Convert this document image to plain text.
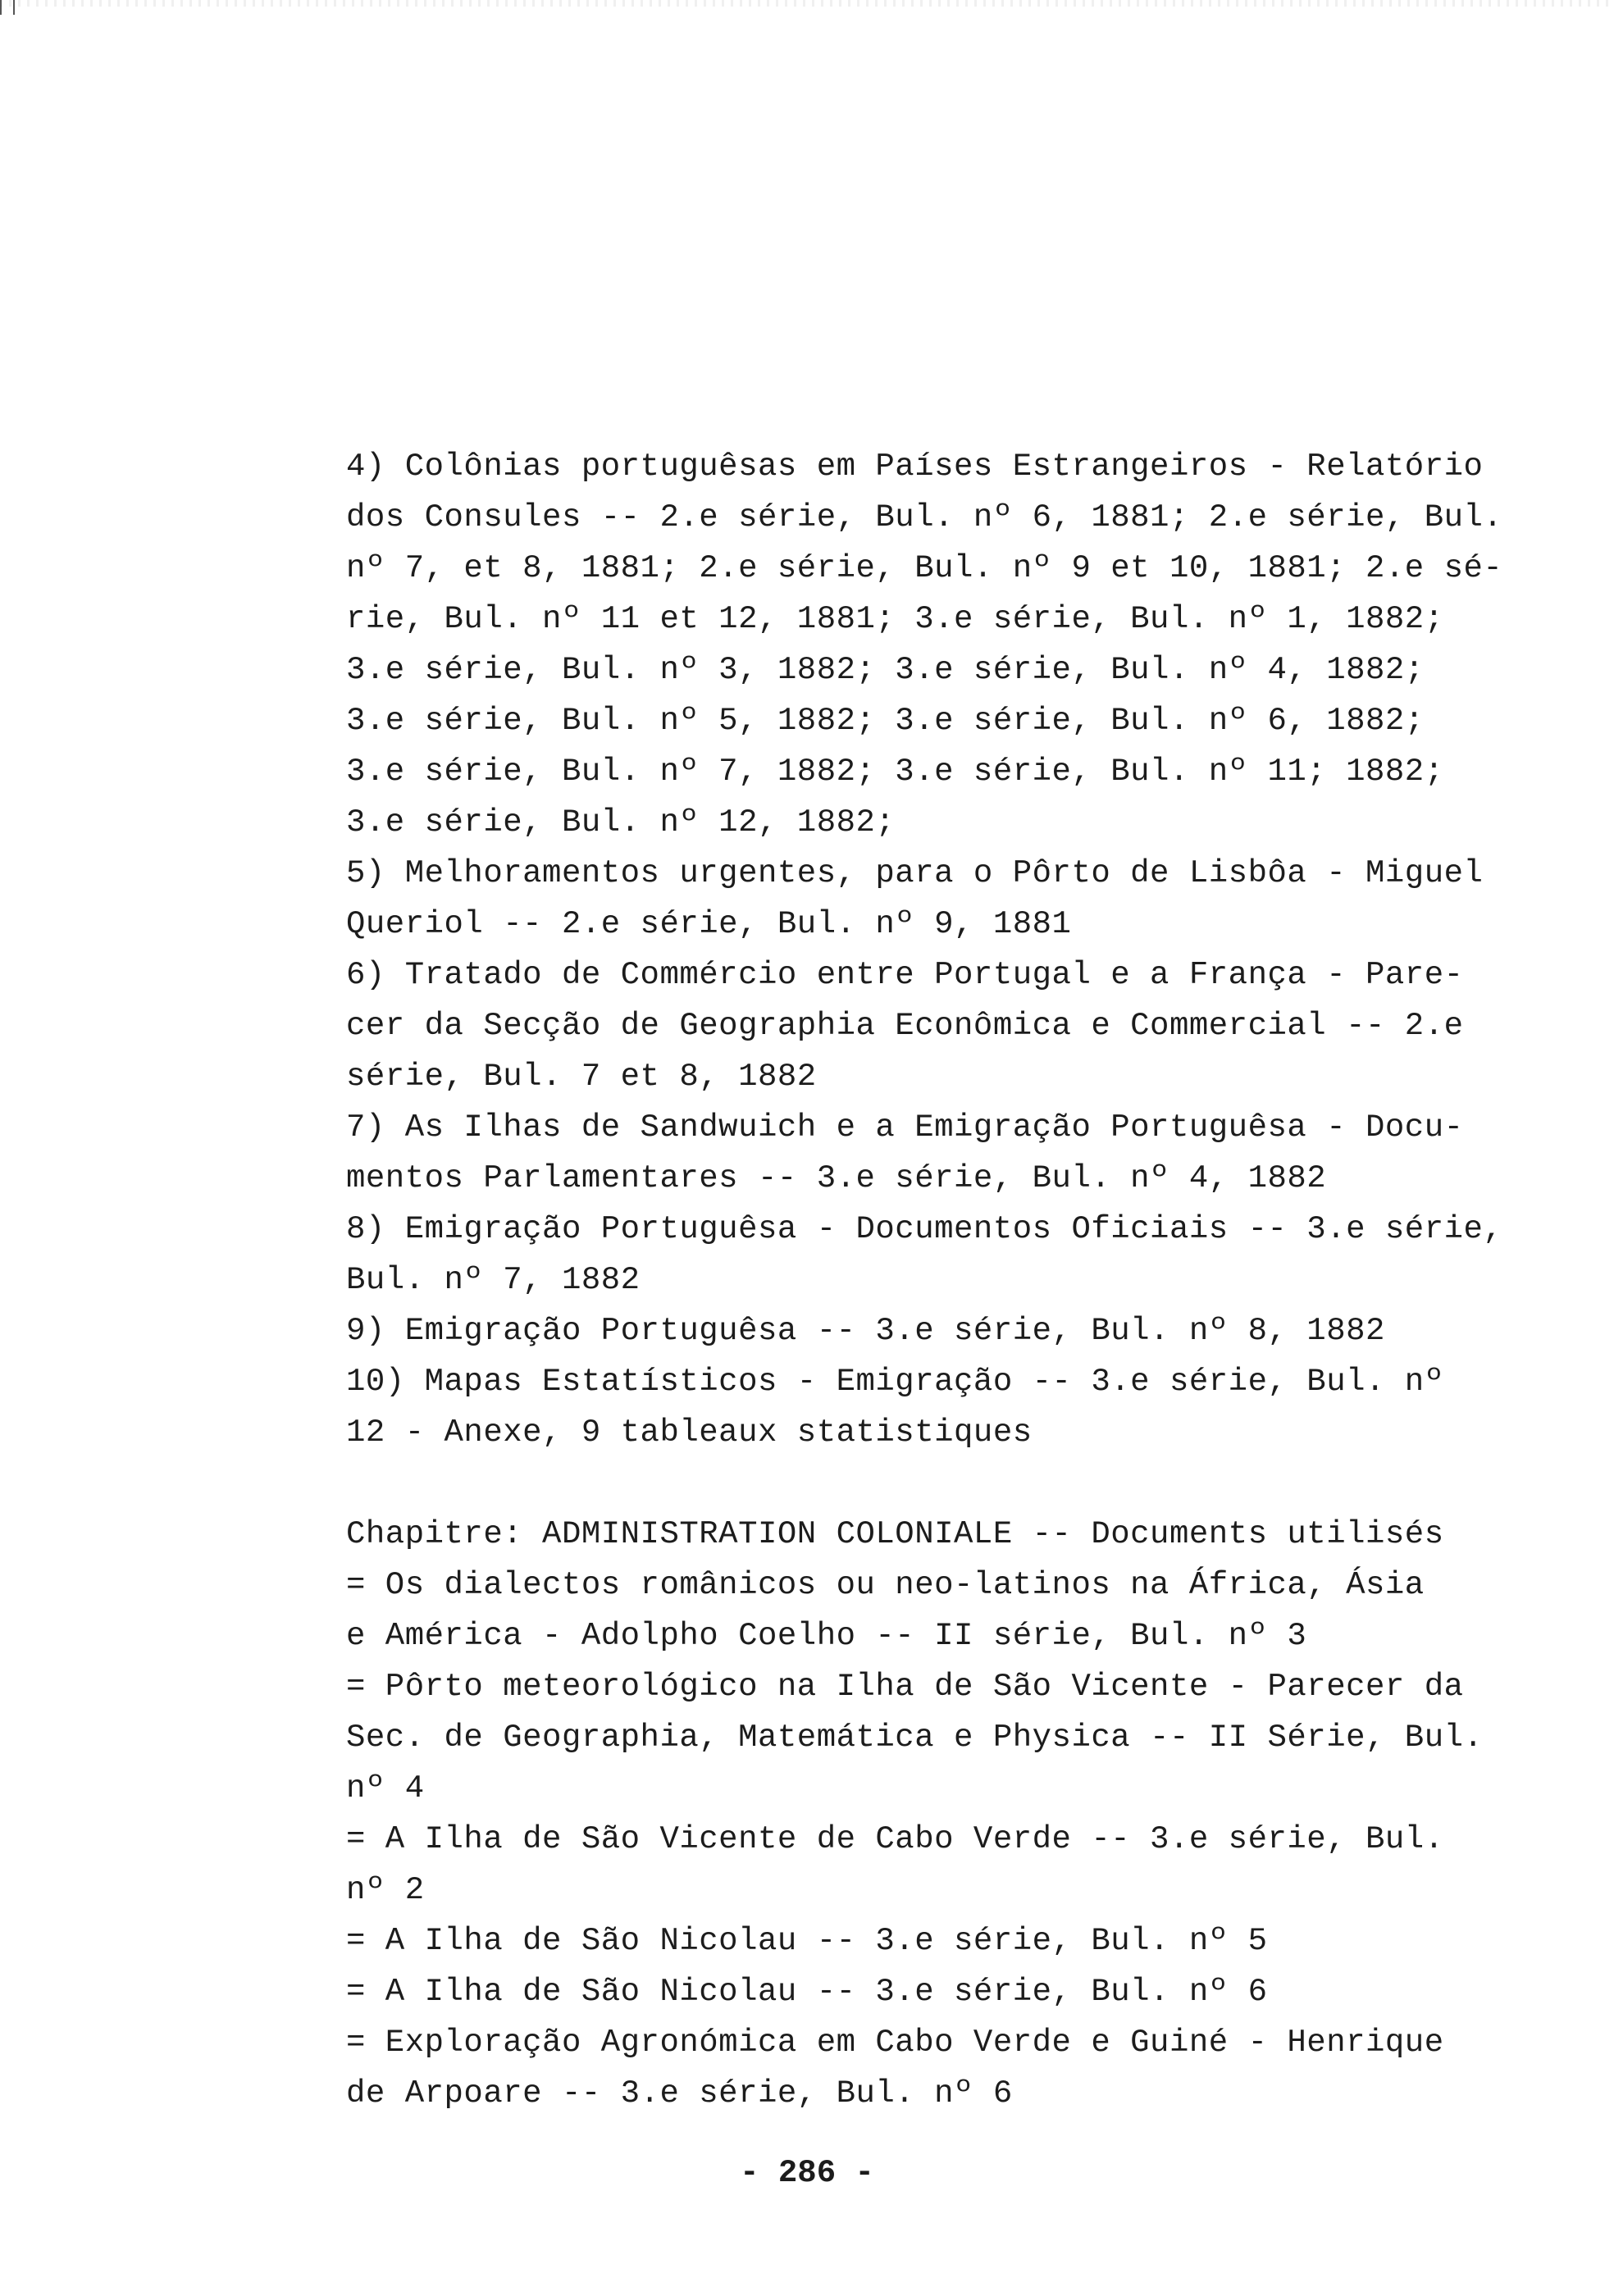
4) Colônias portuguêsas em Países Estrangeiros - Relatório
dos Consules -- 2.e série, Bul. nº 6, 1881; 2.e série, Bul.
nº 7, et 8, 1881; 2.e série, Bul. nº 9 et 10, 1881; 2.e sé-
rie, Bul. nº 11 et 12, 1881; 3.e série, Bul. nº 1, 1882;
3.e série, Bul. nº 3, 1882; 3.e série, Bul. nº 4, 1882;
3.e série, Bul. nº 5, 1882; 3.e série, Bul. nº 6, 1882;
3.e série, Bul. nº 7, 1882; 3.e série, Bul. nº 11; 1882;
3.e série, Bul. nº 12, 1882;
5) Melhoramentos urgentes, para o Pôrto de Lisbôa - Miguel
Queriol -- 2.e série, Bul. nº 9, 1881
6) Tratado de Commércio entre Portugal e a França - Pare-
cer da Secção de Geographia Econômica e Commercial -- 2.e
série, Bul. 7 et 8, 1882
7) As Ilhas de Sandwuich e a Emigração Portuguêsa - Docu-
mentos Parlamentares -- 3.e série, Bul. nº 4, 1882
8) Emigração Portuguêsa - Documentos Oficiais -- 3.e série,
Bul. nº 7, 1882
9) Emigração Portuguêsa -- 3.e série, Bul. nº 8, 1882
10) Mapas Estatísticos - Emigração -- 3.e série, Bul. nº
12 - Anexe, 9 tableaux statistiques
Chapitre: ADMINISTRATION COLONIALE -- Documents utilisés
= Os dialectos românicos ou neo-latinos na África, Ásia
e América - Adolpho Coelho -- II série, Bul. nº 3
= Pôrto meteorológico na Ilha de São Vicente - Parecer da
Sec. de Geographia, Matemática e Physica -- II Série, Bul.
nº 4
= A Ilha de São Vicente de Cabo Verde -- 3.e série, Bul.
nº 2
= A Ilha de São Nicolau -- 3.e série, Bul. nº 5
= A Ilha de São Nicolau -- 3.e série, Bul. nº 6
= Exploração Agronómica em Cabo Verde e Guiné - Henrique
de Arpoare -- 3.e série, Bul. nº 6
- 286 -
